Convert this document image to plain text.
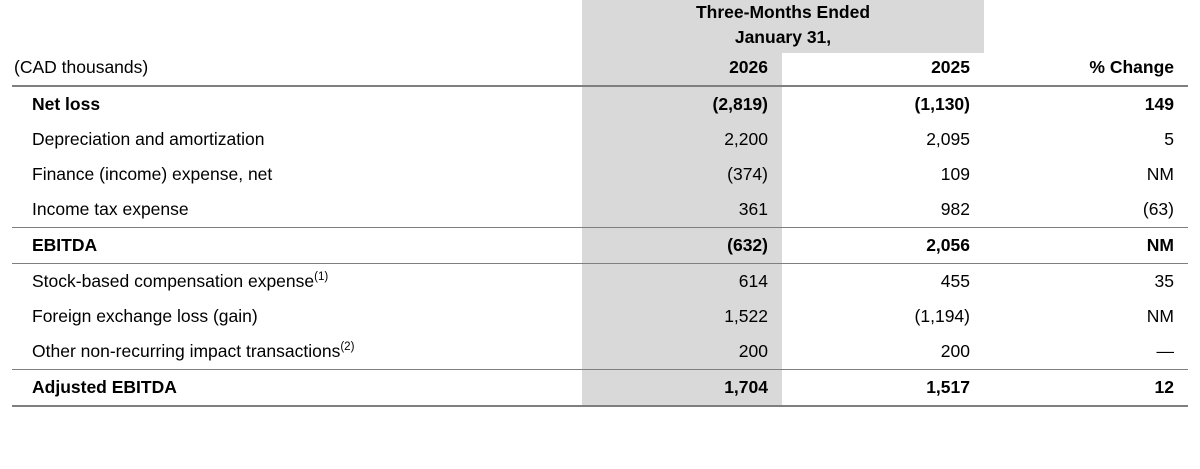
	Three-Months Ended
January 31,		

(CAD thousands)	2026	2025	% Change
Net loss	(2,819)	(1,130)	149
Depreciation and amortization	2,200	2,095	5
Finance (income) expense, net	(374)	109	NM
Income tax expense	361	982	(63)
EBITDA	(632)	2,056	NM
Stock-based compensation expense$^{(1)}$	614	455	35
Foreign exchange loss (gain)	1,522	(1,194)	NM
Other non-recurring impact transactions$^{(2)}$	200	200	—
Adjusted EBITDA	1,704	1,517	12
